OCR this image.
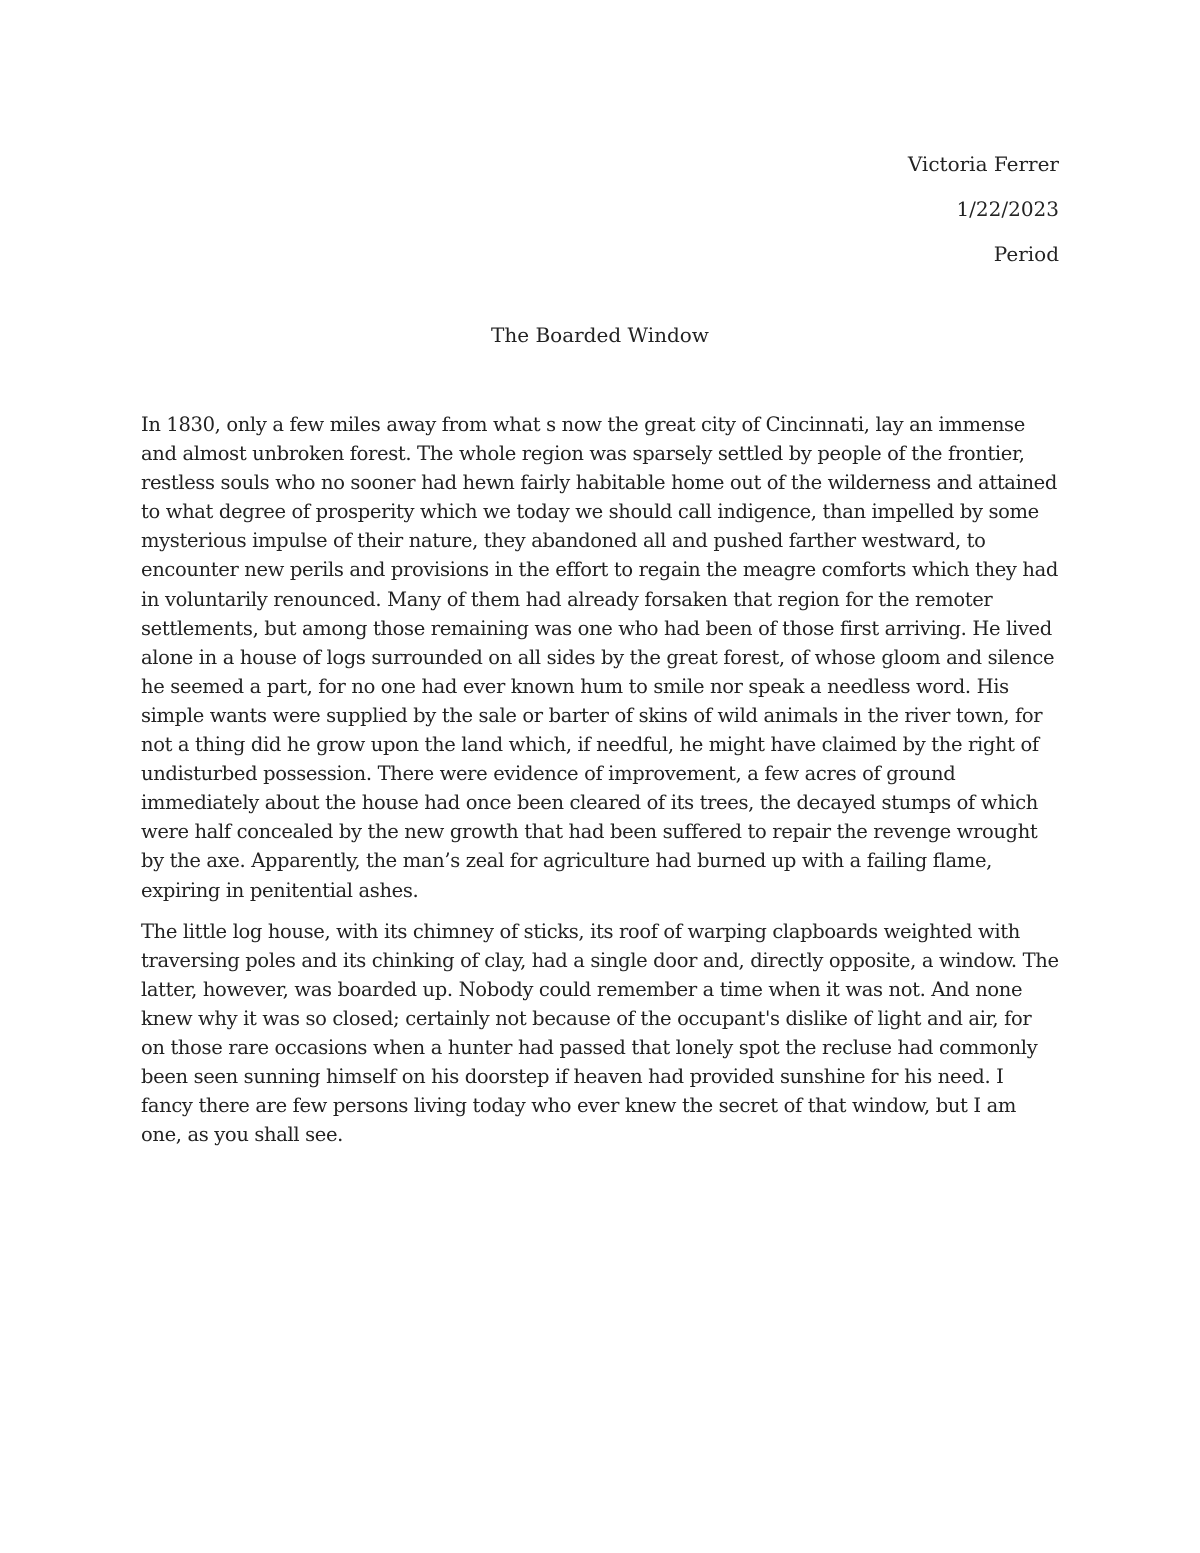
Victoria Ferrer
1/22/2023
Period
The Boarded Window

In 1830, only a few miles away from what s now the great city of Cincinnati, lay an immense and almost unbroken forest. The whole region was sparsely settled by people of the frontier, restless souls who no sooner had hewn fairly habitable home out of the wilderness and attained to what degree of prosperity which we today we should call indigence, than impelled by some mysterious impulse of their nature, they abandoned all and pushed farther westward, to encounter new perils and provisions in the effort to regain the meagre comforts which they had in voluntarily renounced. Many of them had already forsaken that region for the remoter settlements, but among those remaining was one who had been of those first arriving. He lived alone in a house of logs surrounded on all sides by the great forest, of whose gloom and silence he seemed a part, for no one had ever known hum to smile nor speak a needless word. His simple wants were supplied by the sale or barter of skins of wild animals in the river town, for not a thing did he grow upon the land which, if needful, he might have claimed by the right of undisturbed possession. There were evidence of improvement, a few acres of ground immediately about the house had once been cleared of its trees, the decayed stumps of which were half concealed by the new growth that had been suffered to repair the revenge wrought by the axe. Apparently, the man’s zeal for agriculture had burned up with a failing flame, expiring in penitential ashes.

The little log house, with its chimney of sticks, its roof of warping clapboards weighted with traversing poles and its chinking of clay, had a single door and, directly opposite, a window. The latter, however, was boarded up. Nobody could remember a time when it was not. And none knew why it was so closed; certainly not because of the occupant's dislike of light and air, for on those rare occasions when a hunter had passed that lonely spot the recluse had commonly been seen sunning himself on his doorstep if heaven had provided sunshine for his need. I fancy there are few persons living today who ever knew the secret of that window, but I am one, as you shall see.
